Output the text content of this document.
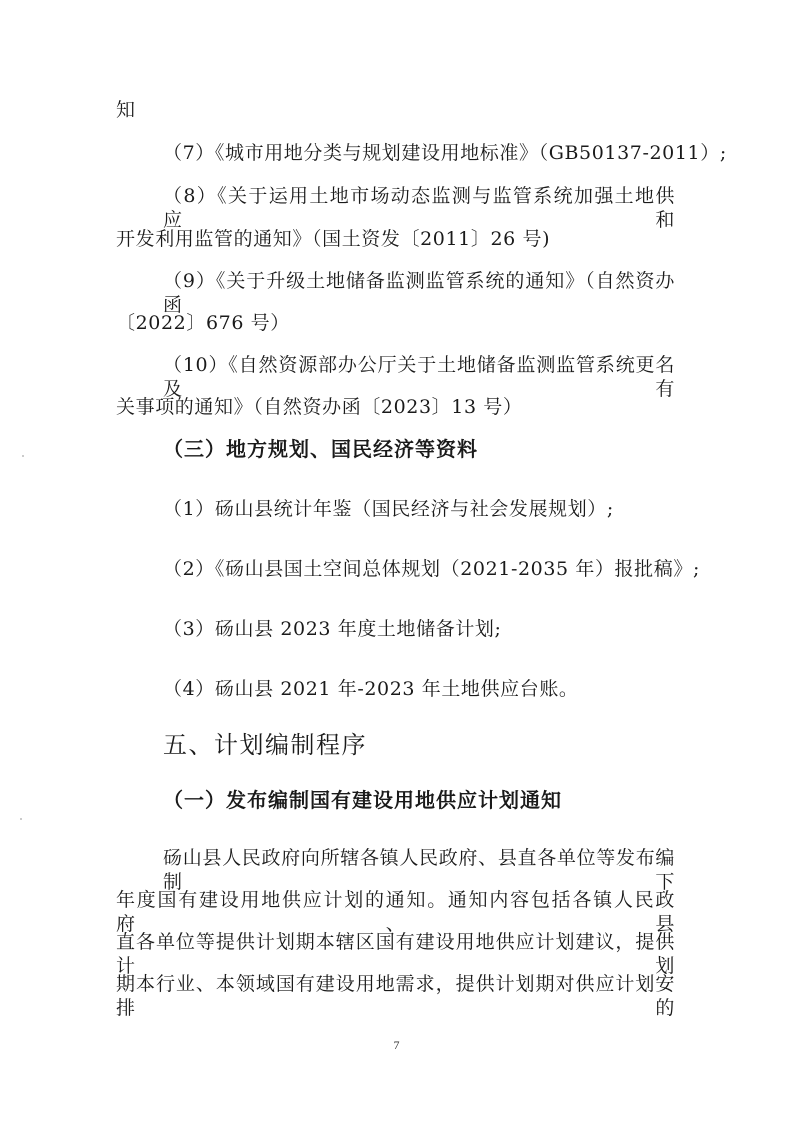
知
（7）《城市用地分类与规划建设用地标准》（GB50137-2011）;
（8）《关于运用土地市场动态监测与监管系统加强土地供应和
开发利用监管的通知》（国土资发〔2011〕26 号)
（9）《关于升级土地储备监测监管系统的通知》（自然资办函
〔2022〕676 号）
（10）《自然资源部办公厅关于土地储备监测监管系统更名及有
关事项的通知》（自然资办函〔2023〕13 号）
（三）地方规划、国民经济等资料
（1）砀山县统计年鉴（国民经济与社会发展规划）;
（2）《砀山县国土空间总体规划（2021-2035 年）报批稿》;
（3）砀山县 2023 年度土地储备计划;
（4）砀山县 2021 年-2023 年土地供应台账。
五、计划编制程序
（一）发布编制国有建设用地供应计划通知
砀山县人民政府向所辖各镇人民政府、县直各单位等发布编制下
年度国有建设用地供应计划的通知。通知内容包括各镇人民政府、县
直各单位等提供计划期本辖区国有建设用地供应计划建议，提供计划
期本行业、本领域国有建设用地需求，提供计划期对供应计划安排的
7
